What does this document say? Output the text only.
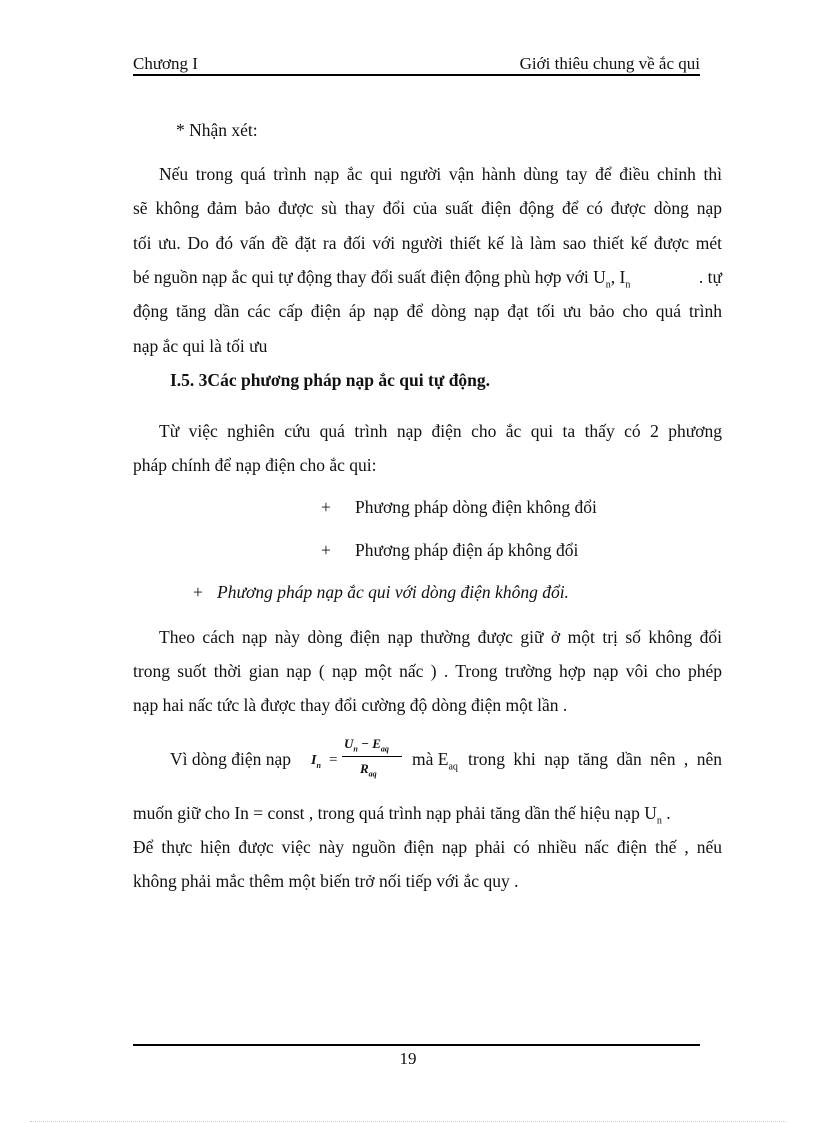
Chương I	Giới thiêu chung về ắc qui
* Nhận xét:
Nếu trong quá trình nạp ắc qui người vận hành dùng tay để điều chỉnh thì
sẽ không đảm bảo được sù thay đổi của suất điện động để có được dòng nạp
tối ưu. Do đó vấn đề đặt ra đối với người thiết kế là làm sao thiết kế được mét
bé nguồn nạp ắc qui tự động thay đổi suất điện động phù hợp với $U_n$, $I_n$	. tự
động tăng dần các cấp điện áp nạp để dòng nạp đạt tối ưu bảo cho quá trình
nạp ắc qui là tối ưu
I.5. 3Các phương pháp nạp ắc qui tự động.
Từ việc nghiên cứu quá trình nạp điện cho ắc qui ta thấy có 2 phương
pháp chính để nạp điện cho ắc qui:
+ Phương pháp dòng điện không đổi
+ Phương pháp điện áp không đổi
+ Phương pháp nạp ắc qui với dòng điện không đổi.
Theo cách nạp này dòng điện nạp thường được giữ ở một trị số không đổi
trong suốt thời gian nạp ( nạp một nấc ) . Trong trường hợp nạp vôi cho phép
nạp hai nấc tức là được thay đổi cường độ dòng điện một lần .
Vì dòng điện nạp $I_n$ =
$U_n - E_{aq}$
$R_{aq}$
mà $E_{aq}$ trong khi nạp tăng dần nên , nên
muốn giữ cho In = const , trong quá trình nạp phải tăng dần thế hiệu nạp $U_n$ .
Để thực hiện được việc này nguồn điện nạp phải có nhiều nấc điện thế , nếu
không phải mắc thêm một biến trở nối tiếp với ắc quy .
19
